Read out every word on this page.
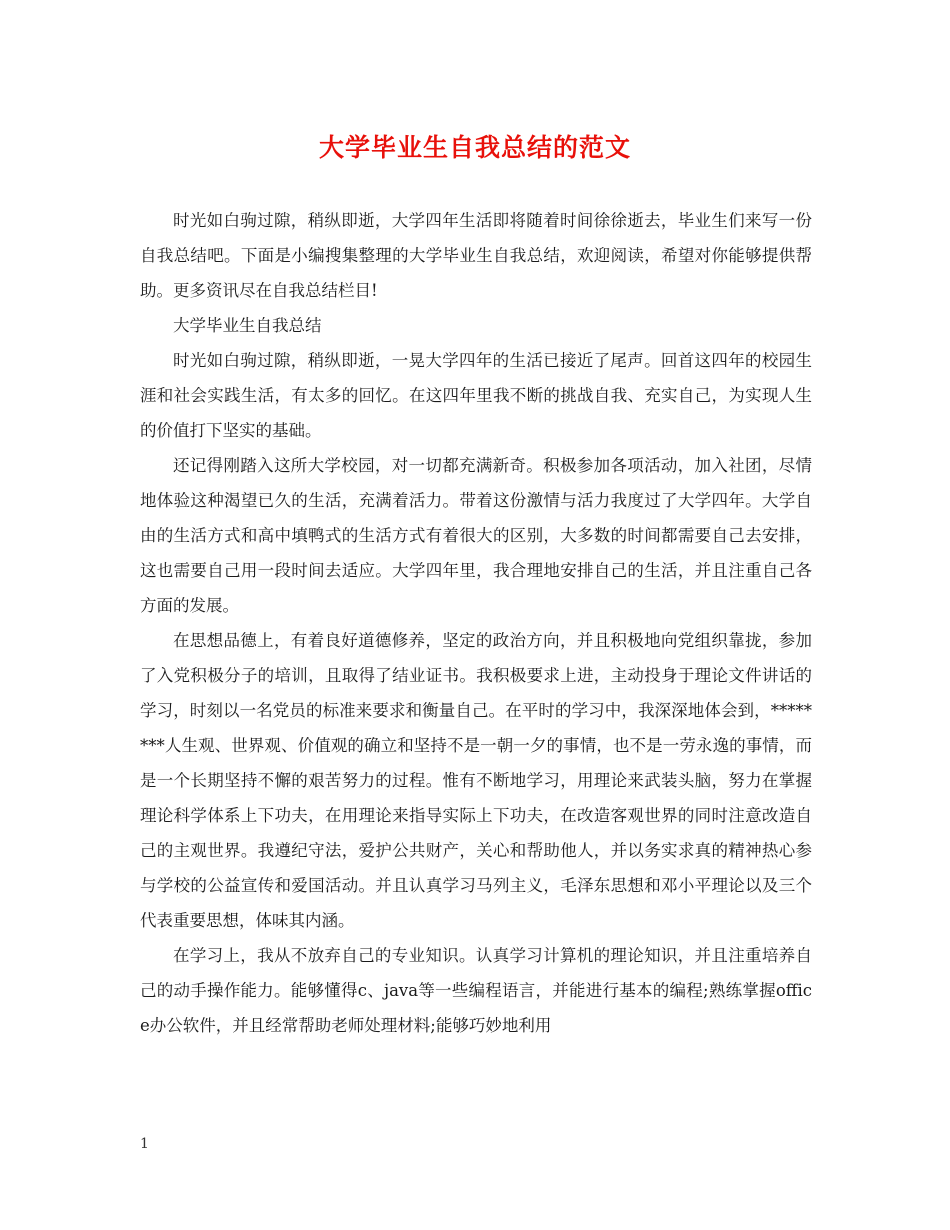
大学毕业生自我总结的范文

时光如白驹过隙，稍纵即逝，大学四年生活即将随着时间徐徐逝去，毕业生们来写一份自我总结吧。下面是小编搜集整理的大学毕业生自我总结，欢迎阅读，希望对你能够提供帮助。更多资讯尽在自我总结栏目!

大学毕业生自我总结

时光如白驹过隙，稍纵即逝，一晃大学四年的生活已接近了尾声。回首这四年的校园生涯和社会实践生活，有太多的回忆。在这四年里我不断的挑战自我、充实自己，为实现人生的价值打下坚实的基础。

还记得刚踏入这所大学校园，对一切都充满新奇。积极参加各项活动，加入社团，尽情地体验这种渴望已久的生活，充满着活力。带着这份激情与活力我度过了大学四年。大学自由的生活方式和高中填鸭式的生活方式有着很大的区别，大多数的时间都需要自己去安排，这也需要自己用一段时间去适应。大学四年里，我合理地安排自己的生活，并且注重自己各方面的发展。

在思想品德上，有着良好道德修养，坚定的政治方向，并且积极地向党组织靠拢，参加了入党积极分子的培训，且取得了结业证书。我积极要求上进，主动投身于理论文件讲话的学习，时刻以一名党员的标准来要求和衡量自己。在平时的学习中，我深深地体会到，********人生观、世界观、价值观的确立和坚持不是一朝一夕的事情，也不是一劳永逸的事情，而是一个长期坚持不懈的艰苦努力的过程。惟有不断地学习，用理论来武装头脑，努力在掌握理论科学体系上下功夫，在用理论来指导实际上下功夫，在改造客观世界的同时注意改造自己的主观世界。我遵纪守法，爱护公共财产，关心和帮助他人，并以务实求真的精神热心参与学校的公益宣传和爱国活动。并且认真学习马列主义，毛泽东思想和邓小平理论以及三个代表重要思想，体味其内涵。

在学习上，我从不放弃自己的专业知识。认真学习计算机的理论知识，并且注重培养自己的动手操作能力。能够懂得c、java等一些编程语言，并能进行基本的编程;熟练掌握office办公软件，并且经常帮助老师处理材料;能够巧妙地利用

1
